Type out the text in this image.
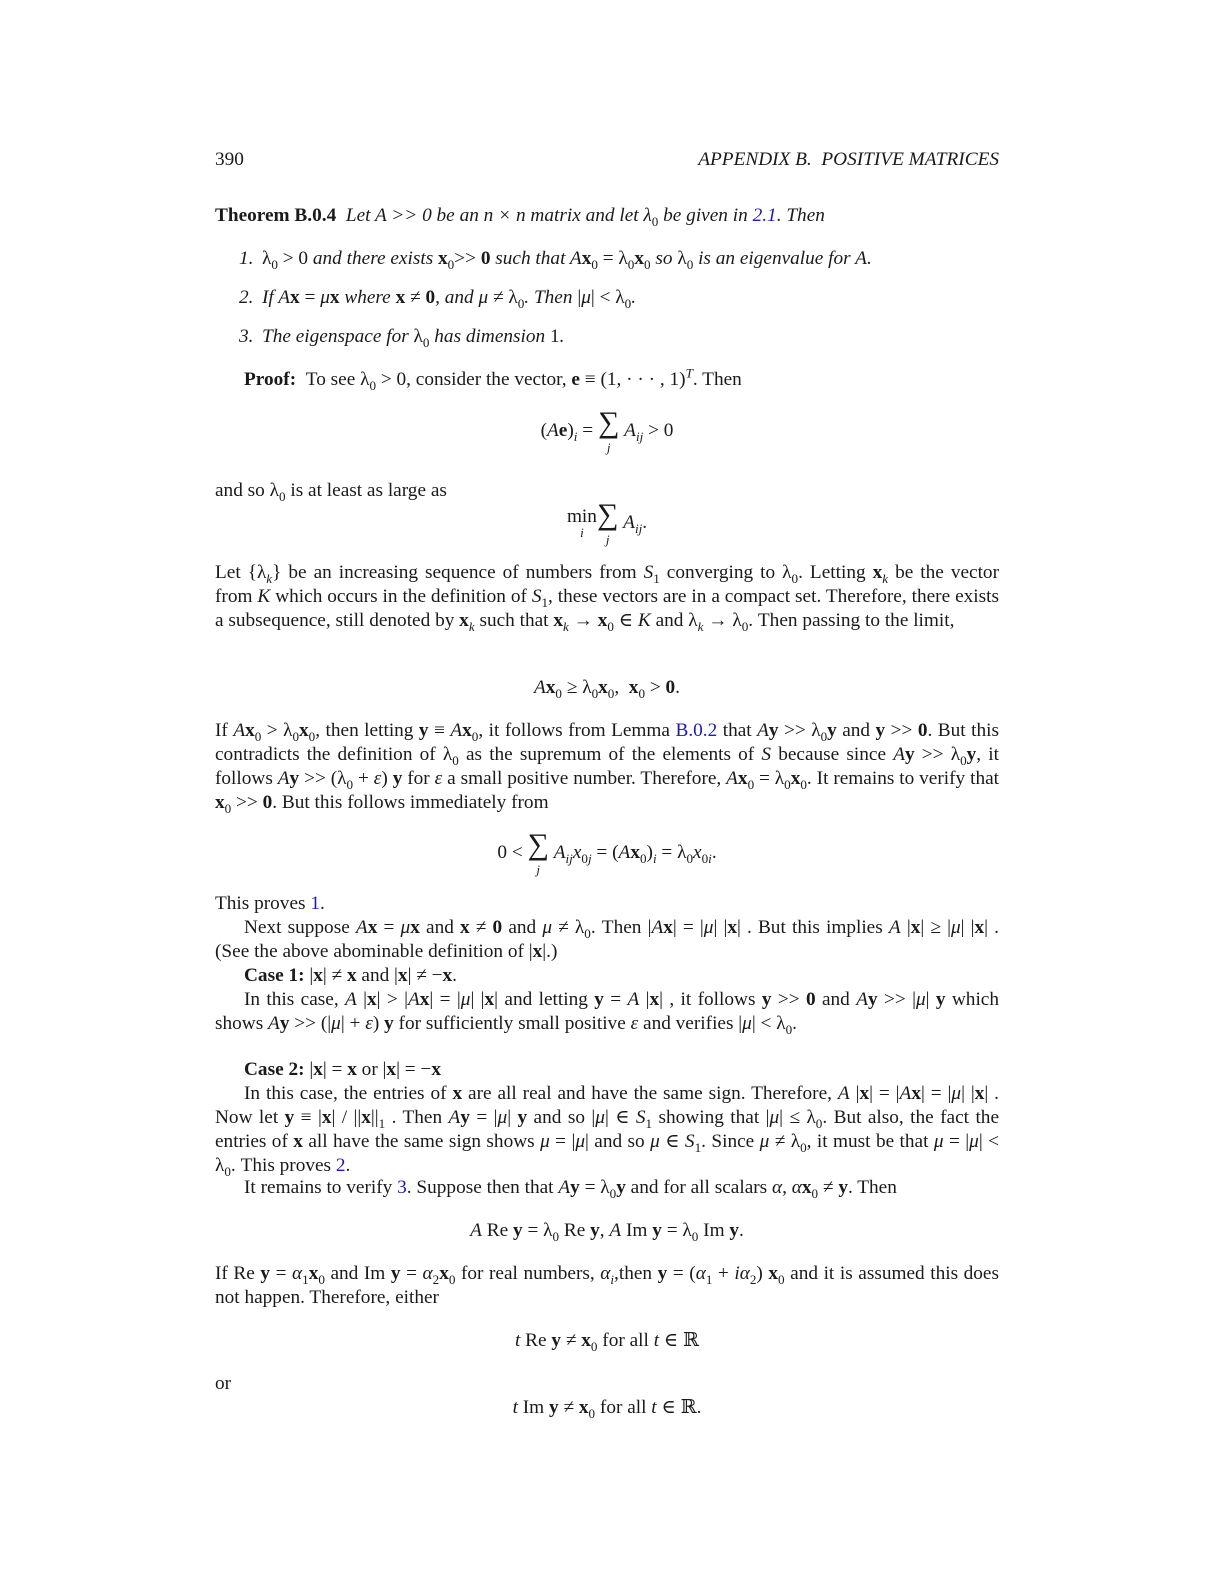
390	APPENDIX B.  POSITIVE MATRICES
Theorem B.0.4  Let A >> 0 be an n × n matrix and let $\lambda_0$ be given in 2.1. Then
1. $\lambda_0 > 0$ and there exists $x_0>> 0$ such that $Ax_0 = \lambda_0x_0$ so $\lambda_0$ is an eigenvalue for A.
2. If Ax = μx where x ≠ 0, and $\mu \ne \lambda_0$. Then $|\mu| < \lambda_0$.
3. The eigenspace for $\lambda_0$ has dimension 1.
Proof:  To see $\lambda_0 > 0$, consider the vector, e ≡ (1, · · · , 1)$^T$. Then
$(Ae)_i$ = ∑
j
$A_{ij} > 0$
and so $\lambda_0$ is at least as large as
min
i
∑
j
$A_{ij}$.
Let $\{\lambda_k\}$ be an increasing sequence of numbers from $S_1$ converging to $\lambda_0$. Letting $x_k$ be the vector from K which occurs in the definition of $S_1$, these vectors are in a compact set. Therefore, there exists a subsequence, still denoted by $x_k$ such that $x_k \to x_0$ ∈ K and $\lambda_k \to \lambda_0$. Then passing to the limit,
$Ax_0 \ge \lambda_0x_0$,  $x_0 > 0$.
If $Ax_0 > \lambda_0x_0$, then letting $y \equiv Ax_0$, it follows from Lemma B.0.2 that $Ay >> \lambda_0y$ and y >> 0. But this contradicts the definition of $\lambda_0$ as the supremum of the elements of S because since $Ay >> \lambda_0y$, it follows $Ay >> (\lambda_0 + \varepsilon)$ y for ε a small positive number. Therefore, $Ax_0 = \lambda_0x_0$. It remains to verify that $x_0 >> 0$. But this follows immediately from
0 < ∑
j
$A_{ij}x_{0j} = (Ax_0)_i = \lambda_0x_{0i}$.
This proves 1.
Next suppose Ax = μx and x ≠ 0 and $\mu \ne \lambda_0$. Then |Ax| = |μ| |x| . But this implies A |x| ≥ |μ| |x| . (See the above abominable definition of |x|.)
Case 1: |x| ≠ x and |x| ≠ −x.
In this case, A |x| > |Ax| = |μ| |x| and letting y = A |x| , it follows y >> 0 and Ay >> |μ| y which shows Ay >> (|μ| + ε) y for sufficiently small positive ε and verifies $|\mu| < \lambda_0$.
Case 2: |x| = x or |x| = −x
In this case, the entries of x are all real and have the same sign. Therefore, A |x| = |Ax| = |μ| |x| . Now let $y \equiv |x| / ||x||_1$ . Then Ay = |μ| y and so |μ| ∈ $S_1$ showing that $|\mu| \le \lambda_0$. But also, the fact the entries of x all have the same sign shows μ = |μ| and so μ ∈ $S_1$. Since $\mu \ne \lambda_0$, it must be that $\mu = |\mu| < \lambda_0$. This proves 2.
It remains to verify 3. Suppose then that $Ay = \lambda_0y$ and for all scalars α, $\alpha x_0 \ne y$. Then
A Re $y = \lambda_0$ Re y, A Im $y = \lambda_0$ Im y.
If Re $y = \alpha_1x_0$ and Im $y = \alpha_2x_0$ for real numbers, $\alpha_i,then$ $y = (\alpha_1 + i\alpha_2)$ $x_0$ and it is assumed this does not happen. Therefore, either
t Re $y \ne x_0$ for all t ∈ ℝ
or
t Im $y \ne x_0$ for all t ∈ ℝ.
